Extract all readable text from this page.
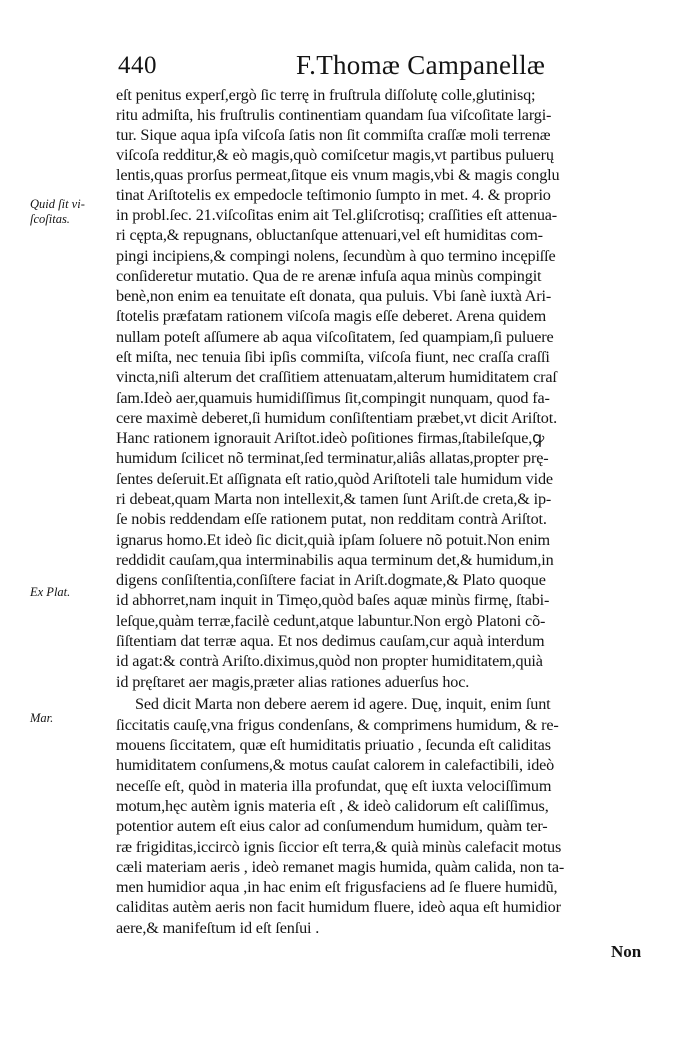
440	F.Thomæ Campanellæ
Quid ſit vi-
ſcoſitas.
Ex Plat.
Mar.
eſt penitus experſ,ergò ſic terrę in fruſtrula diſſolutę colle,glutinisq;
ritu admiſta, his fruſtrulis continentiam quandam ſua viſcoſitate largi-
tur. Sique aqua ipſa viſcoſa ſatis non ſit commiſta craſſæ moli terrenæ
viſcoſa redditur,& eò magis,quò comiſcetur magis,vt partibus puluerų
lentis,quas prorſus permeat,ſitque eis vnum magis,vbi & magis conglu
tinat Ariſtotelis ex empedocle teſtimonio ſumpto in met. 4. & proprio
in probl.ſec. 21.viſcoſitas enim ait Tel.gliſcrotisq; craſſities eſt attenua-
ri cępta,& repugnans, obluctanſque attenuari,vel eſt humiditas com-
pingi incipiens,& compingi nolens, ſecundùm à quo termino incępiſſe
conſideretur mutatio. Qua de re arenæ infuſa aqua minùs compingit
benè,non enim ea tenuitate eſt donata, qua puluis. Vbi ſanè iuxtà Ari-
ſtotelis præfatam rationem viſcoſa magis eſſe deberet. Arena quidem
nullam poteſt aſſumere ab aqua viſcoſitatem, ſed quampiam,ſi puluere
eſt miſta, nec tenuia ſibi ipſis commiſta, viſcoſa fiunt, nec craſſa craſſi
vincta,niſi alterum det craſſitiem attenuatam,alterum humiditatem craſ
ſam.Ideò aer,quamuis humidiſſimus ſit,compingit nunquam, quod fa-
cere maximè deberet,ſi humidum conſiſtentiam præbet,vt dicit Ariſtot.
Hanc rationem ignorauit Ariſtot.ideò poſitiones firmas,ſtabileſque,ꝙ
humidum ſcilicet nõ terminat,ſed terminatur,aliâs allatas,propter prę-
ſentes deſeruit.Et aſſignata eſt ratio,quòd Ariſtoteli tale humidum vide
ri debeat,quam Marta non intellexit,& tamen ſunt Ariſt.de creta,& ip-
ſe nobis reddendam eſſe rationem putat, non redditam contrà Ariſtot.
ignarus homo.Et ideò ſic dicit,quià ipſam ſoluere nõ potuit.Non enim
reddidit cauſam,qua interminabilis aqua terminum det,& humidum,in
digens conſiſtentia,conſiſtere faciat in Ariſt.dogmate,& Plato quoque
id abhorret,nam inquit in Timęo,quòd baſes aquæ minùs firmę, ſtabi-
leſque,quàm terræ,facilè cedunt,atque labuntur.Non ergò Platoni cõ-
ſiſtentiam dat terræ aqua. Et nos dedimus cauſam,cur aquà interdum
id agat:& contrà Ariſto.diximus,quòd non propter humiditatem,quià
id pręſtaret aer magis,præter alias rationes aduerſus hoc.
Sed dicit Marta non debere aerem id agere. Duę, inquit, enim ſunt
ſiccitatis cauſę,vna frigus condenſans, & comprimens humidum, & re-
mouens ſiccitatem, quæ eſt humiditatis priuatio , ſecunda eſt caliditas
humiditatem conſumens,& motus cauſat calorem in calefactibili, ideò
neceſſe eſt, quòd in materia illa profundat, quę eſt iuxta velociſſimum
motum,hęc autèm ignis materia eſt , & ideò calidorum eſt caliſſimus,
potentior autem eſt eius calor ad conſumendum humidum, quàm ter-
ræ frigiditas,iccircò ignis ſiccior eſt terra,& quià minùs calefacit motus
cæli materiam aeris , ideò remanet magis humida, quàm calida, non ta-
men humidior aqua ,in hac enim eſt frigusfaciens ad ſe fluere humidũ,
caliditas autèm aeris non facit humidum fluere, ideò aqua eſt humidior
aere,& manifeſtum id eſt ſenſui .
Non
